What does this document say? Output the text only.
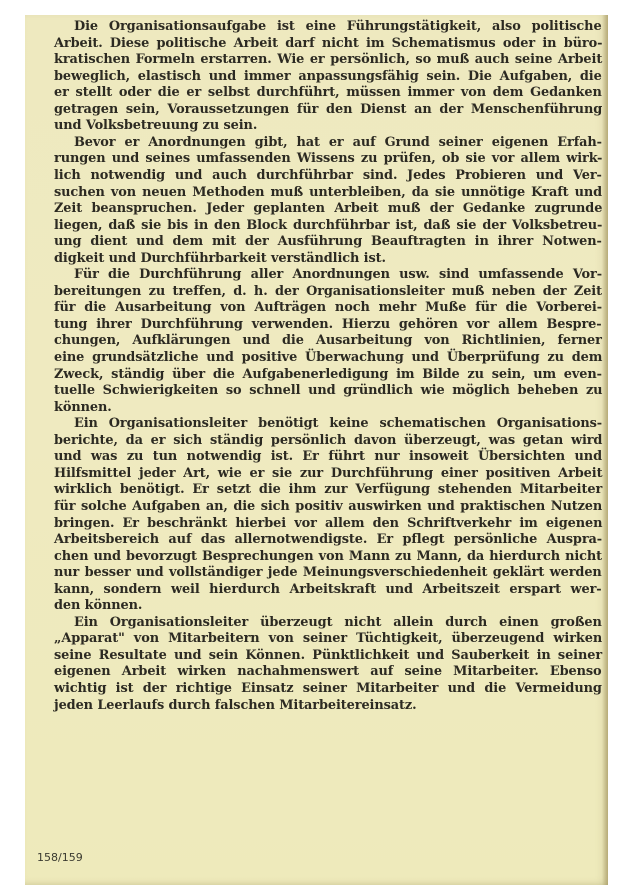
Die Organisationsaufgabe ist eine Führungstätigkeit, also politische
Arbeit. Diese politische Arbeit darf nicht im Schematismus oder in büro-
kratischen Formeln erstarren. Wie er persönlich, so muß auch seine Arbeit
beweglich, elastisch und immer anpassungsfähig sein. Die Aufgaben, die
er stellt oder die er selbst durchführt, müssen immer von dem Gedanken
getragen sein, Voraussetzungen für den Dienst an der Menschenführung
und Volksbetreuung zu sein.
Bevor er Anordnungen gibt, hat er auf Grund seiner eigenen Erfah-
rungen und seines umfassenden Wissens zu prüfen, ob sie vor allem wirk-
lich notwendig und auch durchführbar sind. Jedes Probieren und Ver-
suchen von neuen Methoden muß unterbleiben, da sie unnötige Kraft und
Zeit beanspruchen. Jeder geplanten Arbeit muß der Gedanke zugrunde
liegen, daß sie bis in den Block durchführbar ist, daß sie der Volksbetreu-
ung dient und dem mit der Ausführung Beauftragten in ihrer Notwen-
digkeit und Durchführbarkeit verständlich ist.
Für die Durchführung aller Anordnungen usw. sind umfassende Vor-
bereitungen zu treffen, d. h. der Organisationsleiter muß neben der Zeit
für die Ausarbeitung von Aufträgen noch mehr Muße für die Vorberei-
tung ihrer Durchführung verwenden. Hierzu gehören vor allem Bespre-
chungen, Aufklärungen und die Ausarbeitung von Richtlinien, ferner
eine grundsätzliche und positive Überwachung und Überprüfung zu dem
Zweck, ständig über die Aufgabenerledigung im Bilde zu sein, um even-
tuelle Schwierigkeiten so schnell und gründlich wie möglich beheben zu
können.
Ein Organisationsleiter benötigt keine schematischen Organisations-
berichte, da er sich ständig persönlich davon überzeugt, was getan wird
und was zu tun notwendig ist. Er führt nur insoweit Übersichten und
Hilfsmittel jeder Art, wie er sie zur Durchführung einer positiven Arbeit
wirklich benötigt. Er setzt die ihm zur Verfügung stehenden Mitarbeiter
für solche Aufgaben an, die sich positiv auswirken und praktischen Nutzen
bringen. Er beschränkt hierbei vor allem den Schriftverkehr im eigenen
Arbeitsbereich auf das allernotwendigste. Er pflegt persönliche Auspra-
chen und bevorzugt Besprechungen von Mann zu Mann, da hierdurch nicht
nur besser und vollständiger jede Meinungsverschiedenheit geklärt werden
kann, sondern weil hierdurch Arbeitskraft und Arbeitszeit erspart wer-
den können.
Ein Organisationsleiter überzeugt nicht allein durch einen großen
„Apparat" von Mitarbeitern von seiner Tüchtigkeit, überzeugend wirken
seine Resultate und sein Können. Pünktlichkeit und Sauberkeit in seiner
eigenen Arbeit wirken nachahmenswert auf seine Mitarbeiter. Ebenso
wichtig ist der richtige Einsatz seiner Mitarbeiter und die Vermeidung
jeden Leerlaufs durch falschen Mitarbeitereinsatz.
158/159
